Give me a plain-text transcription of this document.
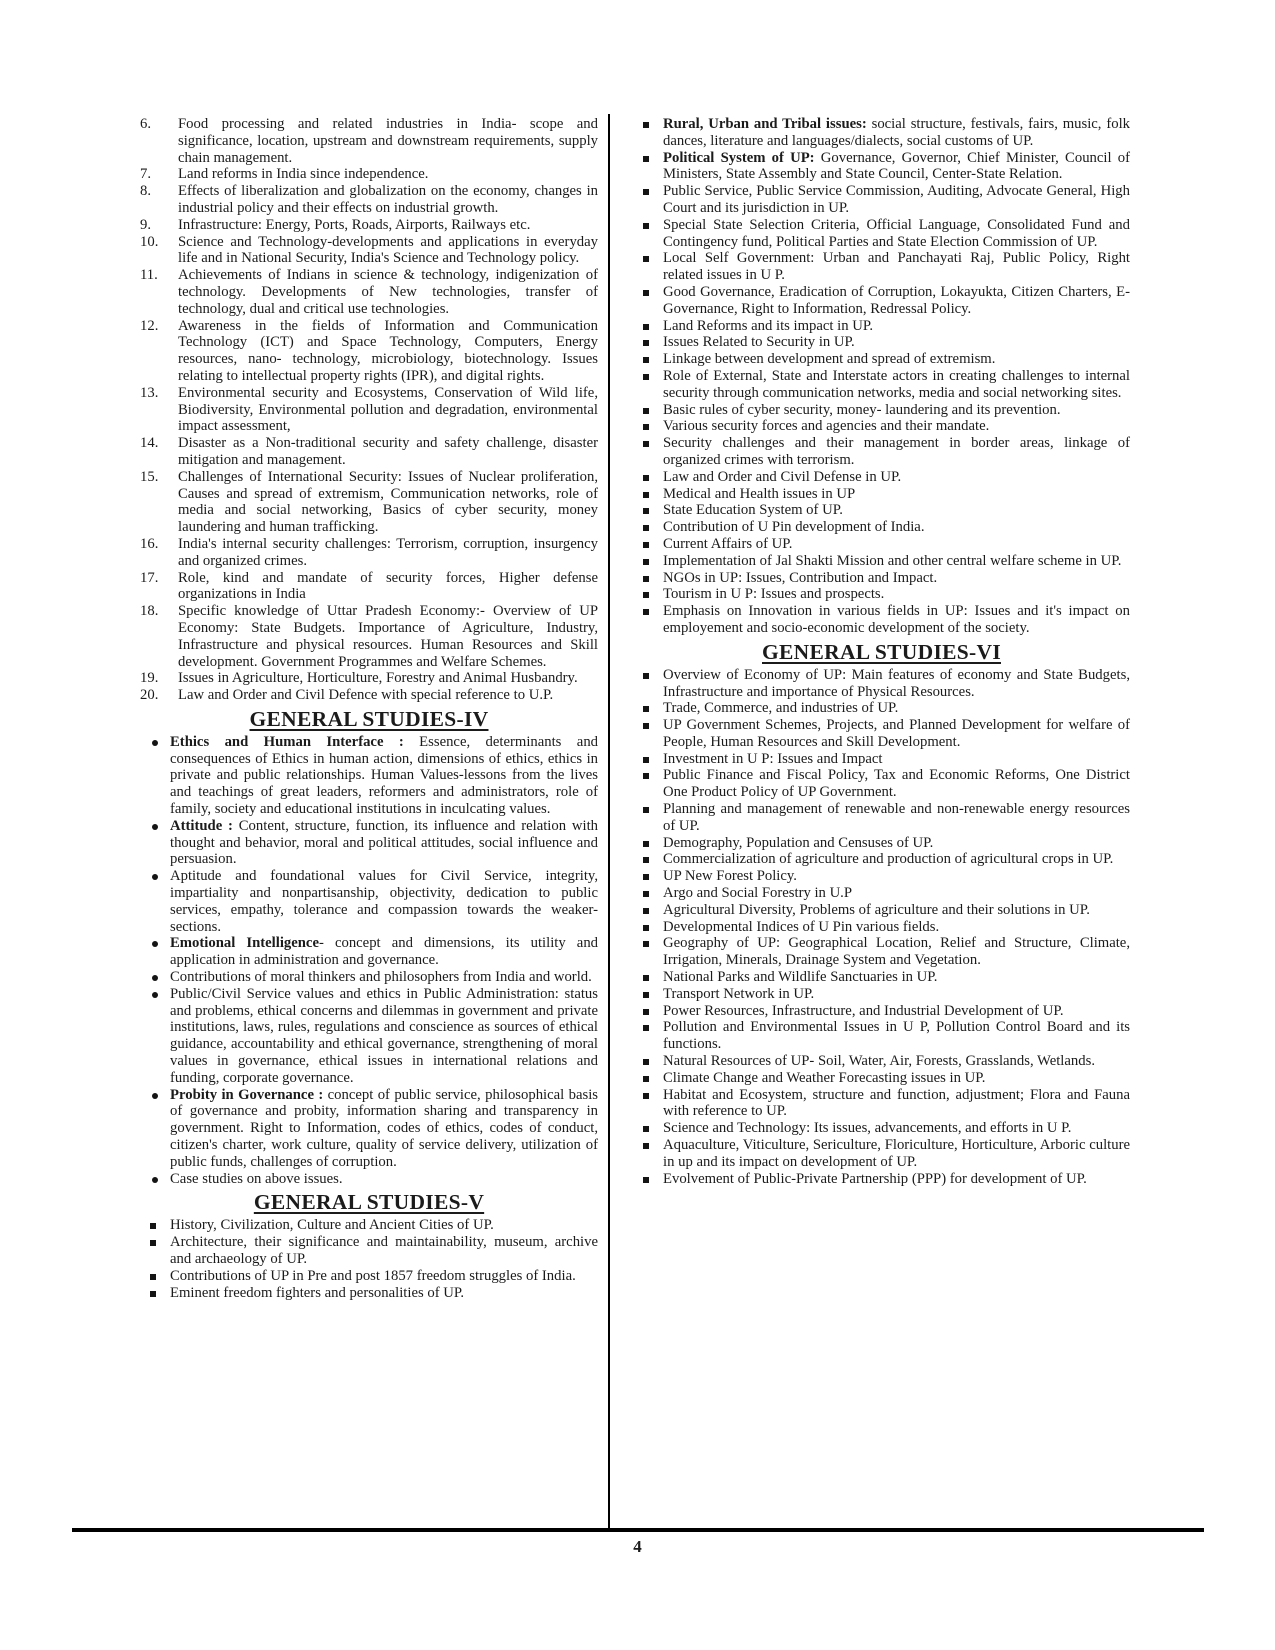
6.	Food processing and related industries in India- scope and significance, location, upstream and downstream requirements, supply chain management.
7.	Land reforms in India since independence.
8.	Effects of liberalization and globalization on the economy, changes in industrial policy and their effects on industrial growth.
9.	Infrastructure: Energy, Ports, Roads, Airports, Railways etc.
10.	Science and Technology-developments and applications in everyday life and in National Security, India's Science and Technology policy.
11.	Achievements of Indians in science & technology, indigenization of technology. Developments of New technologies, transfer of technology, dual and critical use technologies.
12.	Awareness in the fields of Information and Communication Technology (ICT) and Space Technology, Computers, Energy resources, nano- technology, microbiology, biotechnology. Issues relating to intellectual property rights (IPR), and digital rights.
13.	Environmental security and Ecosystems, Conservation of Wild life, Biodiversity, Environmental pollution and degradation, environmental impact assessment,
14.	Disaster as a Non-traditional security and safety challenge, disaster mitigation and management.
15.	Challenges of International Security: Issues of Nuclear proliferation, Causes and spread of extremism, Communication networks, role of media and social networking, Basics of cyber security, money laundering and human trafficking.
16.	India's internal security challenges: Terrorism, corruption, insurgency and organized crimes.
17.	Role, kind and mandate of security forces, Higher defense organizations in India
18.	Specific knowledge of Uttar Pradesh Economy:- Overview of UP Economy: State Budgets. Importance of Agriculture, Industry, Infrastructure and physical resources. Human Resources and Skill development. Government Programmes and Welfare Schemes.
19.	Issues in Agriculture, Horticulture, Forestry and Animal Husbandry.
20.	Law and Order and Civil Defence with special reference to U.P.
GENERAL STUDIES-IV
Ethics and Human Interface : Essence, determinants and consequences of Ethics in human action, dimensions of ethics, ethics in private and public relationships. Human Values-lessons from the lives and teachings of great leaders, reformers and administrators, role of family, society and educational institutions in inculcating values.
Attitude : Content, structure, function, its influence and relation with thought and behavior, moral and political attitudes, social influence and persuasion.
Aptitude and foundational values for Civil Service, integrity, impartiality and nonpartisanship, objectivity, dedication to public services, empathy, tolerance and compassion towards the weaker-sections.
Emotional Intelligence- concept and dimensions, its utility and application in administration and governance.
Contributions of moral thinkers and philosophers from India and world.
Public/Civil Service values and ethics in Public Administration: status and problems, ethical concerns and dilemmas in government and private institutions, laws, rules, regulations and conscience as sources of ethical guidance, accountability and ethical governance, strengthening of moral values in governance, ethical issues in international relations and funding, corporate governance.
Probity in Governance : concept of public service, philosophical basis of governance and probity, information sharing and transparency in government. Right to Information, codes of ethics, codes of conduct, citizen's charter, work culture, quality of service delivery, utilization of public funds, challenges of corruption.
Case studies on above issues.
GENERAL STUDIES-V
History, Civilization, Culture and Ancient Cities of UP.
Architecture, their significance and maintainability, museum, archive and archaeology of UP.
Contributions of UP in Pre and post 1857 freedom struggles of India.
Eminent freedom fighters and personalities of UP.
Rural, Urban and Tribal issues: social structure, festivals, fairs, music, folk dances, literature and languages/dialects, social customs of UP.
Political System of UP: Governance, Governor, Chief Minister, Council of Ministers, State Assembly and State Council, Center-State Relation.
Public Service, Public Service Commission, Auditing, Advocate General, High Court and its jurisdiction in UP.
Special State Selection Criteria, Official Language, Consolidated Fund and Contingency fund, Political Parties and State Election Commission of UP.
Local Self Government: Urban and Panchayati Raj, Public Policy, Right related issues in U P.
Good Governance, Eradication of Corruption, Lokayukta, Citizen Charters, E-Governance, Right to Information, Redressal Policy.
Land Reforms and its impact in UP.
Issues Related to Security in UP.
Linkage between development and spread of extremism.
Role of External, State and Interstate actors in creating challenges to internal security through communication networks, media and social networking sites.
Basic rules of cyber security, money- laundering and its prevention.
Various security forces and agencies and their mandate.
Security challenges and their management in border areas, linkage of organized crimes with terrorism.
Law and Order and Civil Defense in UP.
Medical and Health issues in UP
State Education System of UP.
Contribution of U Pin development of India.
Current Affairs of UP.
Implementation of Jal Shakti Mission and other central welfare scheme in UP.
NGOs in UP: Issues, Contribution and Impact.
Tourism in U P: Issues and prospects.
Emphasis on Innovation in various fields in UP: Issues and it's impact on employement and socio-economic development of the society.
GENERAL STUDIES-VI
Overview of Economy of UP: Main features of economy and State Budgets, Infrastructure and importance of Physical Resources.
Trade, Commerce, and industries of UP.
UP Government Schemes, Projects, and Planned Development for welfare of People, Human Resources and Skill Development.
Investment in U P: Issues and Impact
Public Finance and Fiscal Policy, Tax and Economic Reforms, One District One Product Policy of UP Government.
Planning and management of renewable and non-renewable energy resources of UP.
Demography, Population and Censuses of UP.
Commercialization of agriculture and production of agricultural crops in UP.
UP New Forest Policy.
Argo and Social Forestry in U.P
Agricultural Diversity, Problems of agriculture and their solutions in UP.
Developmental Indices of U Pin various fields.
Geography of UP: Geographical Location, Relief and Structure, Climate, Irrigation, Minerals, Drainage System and Vegetation.
National Parks and Wildlife Sanctuaries in UP.
Transport Network in UP.
Power Resources, Infrastructure, and Industrial Development of UP.
Pollution and Environmental Issues in U P, Pollution Control Board and its functions.
Natural Resources of UP- Soil, Water, Air, Forests, Grasslands, Wetlands.
Climate Change and Weather Forecasting issues in UP.
Habitat and Ecosystem, structure and function, adjustment; Flora and Fauna with reference to UP.
Science and Technology: Its issues, advancements, and efforts in U P.
Aquaculture, Viticulture, Sericulture, Floriculture, Horticulture, Arboric culture in up and its impact on development of UP.
Evolvement of Public-Private Partnership (PPP) for development of UP.
4
